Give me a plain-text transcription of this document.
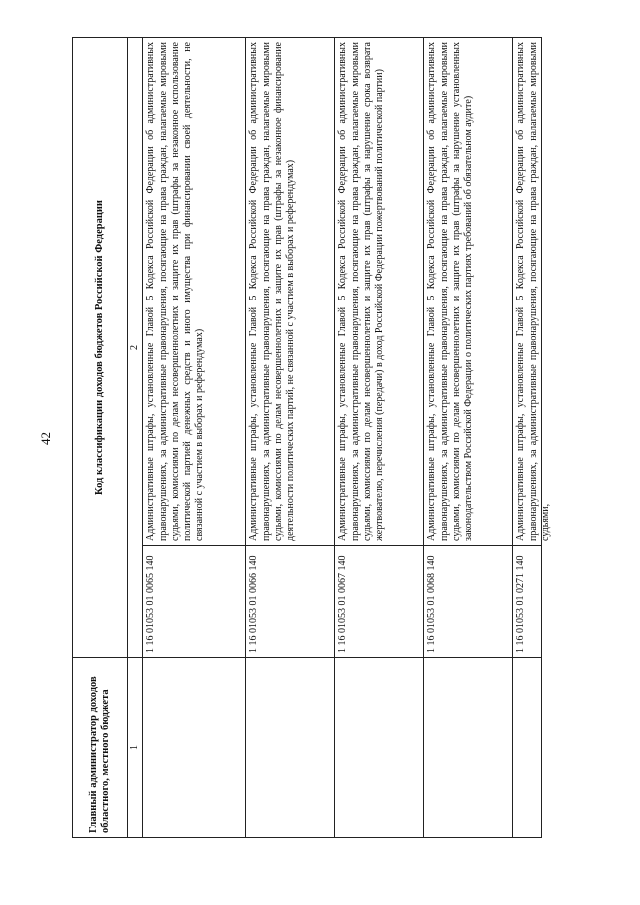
42
Главный администратор доходов областного, местного бюджета	Код классификации доходов бюджетов Российской Федерации	
1	2	
	1 16 01053 01 0065 140	Административные штрафы, установленные Главой 5 Кодекса Российской Федерации об административных правонарушениях, за административные правонарушения, посягающие на права граждан, налагаемые мировыми судьями, комиссиями по делам несовершеннолетних и защите их прав (штрафы за незаконное использование политической партией денежных средств и иного имущества при финансировании своей деятельности, не связанной с участием в выборах и референдумах)
	1 16 01053 01 0066 140	Административные штрафы, установленные Главой 5 Кодекса Российской Федерации об административных правонарушениях, за административные правонарушения, посягающие на права граждан, налагаемые мировыми судьями, комиссиями по делам несовершеннолетних и защите их прав (штрафы за незаконное финансирование деятельности политических партий, не связанной с участием в выборах и референдумах)
	1 16 01053 01 0067 140	Административные штрафы, установленные Главой 5 Кодекса Российской Федерации об административных правонарушениях, за административные правонарушения, посягающие на права граждан, налагаемые мировыми судьями, комиссиями по делам несовершеннолетних и защите их прав (штрафы за нарушение срока возврата жертвователю, перечисления (передачи) в доход Российской Федерации пожертвований политической партии)
	1 16 01053 01 0068 140	Административные штрафы, установленные Главой 5 Кодекса Российской Федерации об административных правонарушениях, за административные правонарушения, посягающие на права граждан, налагаемые мировыми судьями, комиссиями по делам несовершеннолетних и защите их прав (штрафы за нарушение установленных законодательством Российской Федерации о политических партиях требований об обязательном аудите)
	1 16 01053 01 0271 140	Административные штрафы, установленные Главой 5 Кодекса Российской Федерации об административных правонарушениях, за административные правонарушения, посягающие на права граждан, налагаемые мировыми судьями,
